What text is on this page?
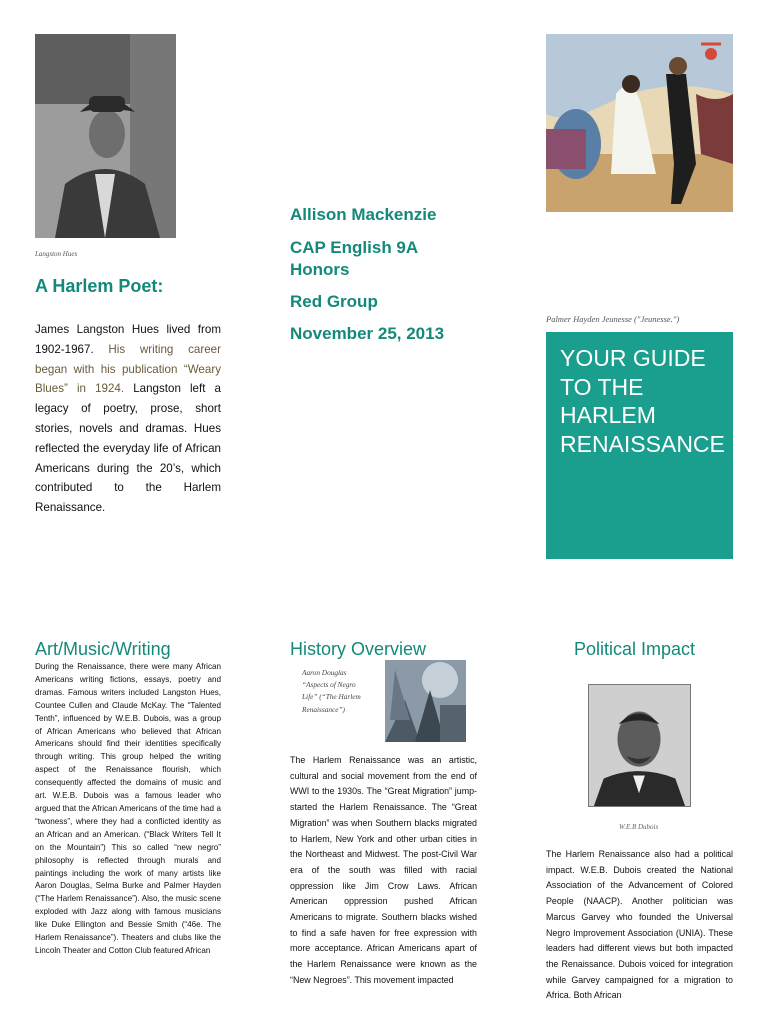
Langston Hues
A Harlem Poet:
James Langston Hues lived from 1902-1967. His writing career began with his publication “Weary Blues” in 1924. Langston left a legacy of poetry, prose, short stories, novels and dramas. Hues reflected the everyday life of African Americans during the 20’s, which contributed to the Harlem Renaissance.
Allison Mackenzie
CAP English 9A Honors
Red Group
November 25, 2013
Palmer Hayden Jeunesse ("Jeunesse.")
YOUR GUIDE TO THE HARLEM RENAISSANCE
Art/Music/Writing
During the Renaissance, there were many African Americans writing fictions, essays, poetry and dramas. Famous writers included Langston Hues, Countee Cullen and Claude McKay. The “Talented Tenth”, influenced by W.E.B. Dubois, was a group of African Americans who believed that African Americans should find their identities specifically through writing. This group helped the writing aspect of the Renaissance flourish, which consequently affected the domains of music and art. W.E.B. Dubois was a famous leader who argued that the African Americans of the time had a “twoness”, where they had a conflicted identity as an African and an American. (“Black Writers Tell It on the Mountain”) This so called “new negro” philosophy is reflected through murals and paintings including the work of many artists like Aaron Douglas, Selma Burke and Palmer Hayden (“The Harlem Renaissance”). Also, the music scene exploded with Jazz along with famous musicians like Duke Ellington and Bessie Smith (“46e. The Harlem Renaissance”). Theaters and clubs like the Lincoln Theater and Cotton Club featured African
History Overview
Aaron Douglas “Aspects of Negro Life” (“The Harlem Renaissance”)
The Harlem Renaissance was an artistic, cultural and social movement from the end of WWI to the 1930s. The “Great Migration” jump-started the Harlem Renaissance. The “Great Migration” was when Southern blacks migrated to Harlem, New York and other urban cities in the Northeast and Midwest. The post-Civil War era of the south was filled with racial oppression like Jim Crow Laws. African American oppression pushed African Americans to migrate. Southern blacks wished to find a safe haven for free expression with more acceptance. African Americans apart of the Harlem Renaissance were known as the “New Negroes”. This movement impacted
Political Impact
W.E.B Dubois
The Harlem Renaissance also had a political impact. W.E.B. Dubois created the National Association of the Advancement of Colored People (NAACP). Another politician was Marcus Garvey who founded the Universal Negro Improvement Association (UNIA). These leaders had different views but both impacted the Renaissance. Dubois voiced for integration while Garvey campaigned for a migration to Africa. Both African
